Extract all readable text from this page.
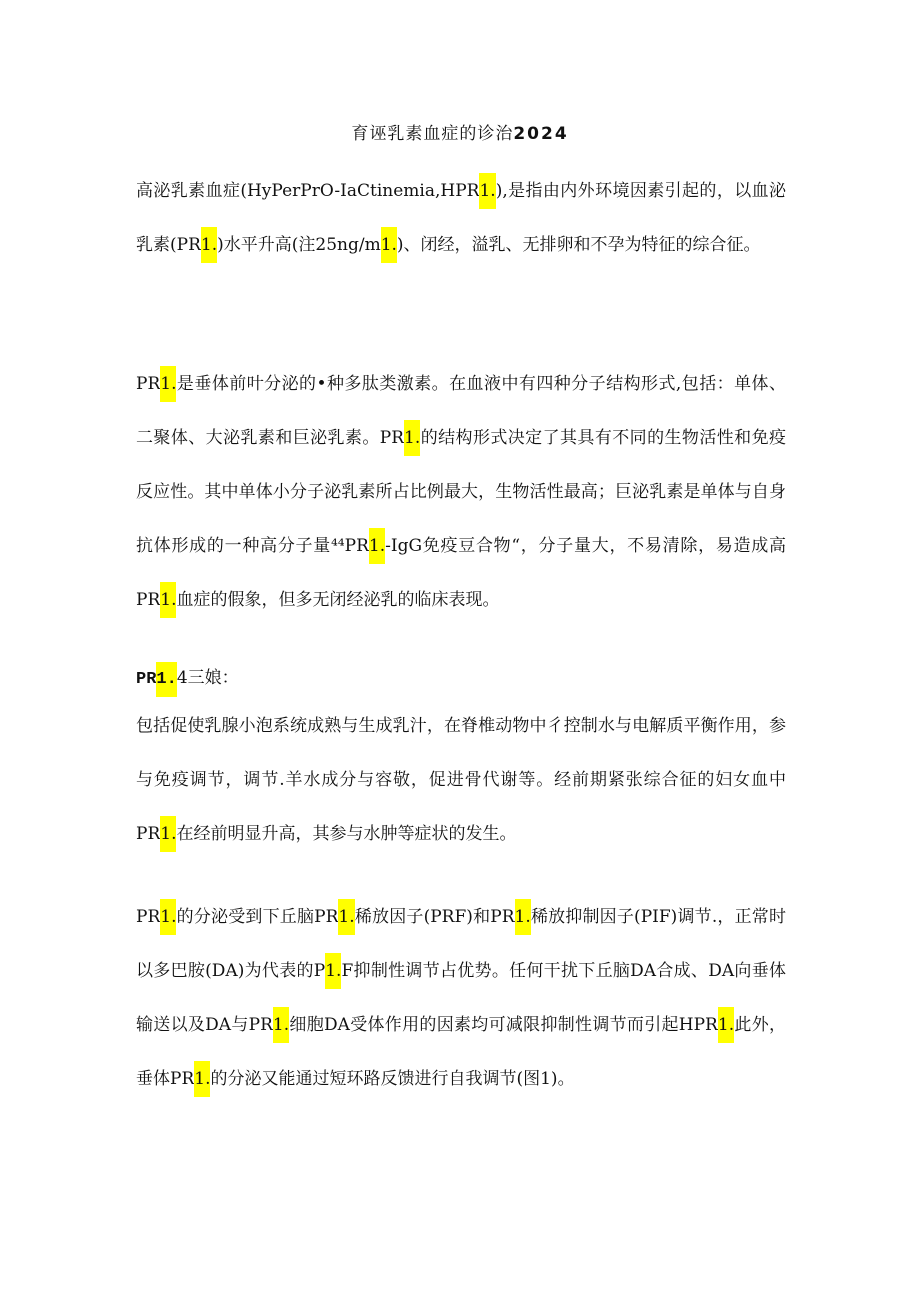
育诬乳素血症的诊治2024

高泌乳素血症(HyPerPrO-IaCtinemia,HPR1.),是指由内外环境因素引起的，以血泌乳素(PR1.)水平升高(注25ng∕m1.)、闭经，溢乳、无排卵和不孕为特征的综合征。

PR1.是垂体前叶分泌的•种多肽类激素。在血液中有四种分子结构形式,包括：单体、二聚体、大泌乳素和巨泌乳素。PR1.的结构形式决定了其具有不同的生物活性和免疫反应性。其中单体小分子泌乳素所占比例最大，生物活性最高；巨泌乳素是单体与自身抗体形成的一种高分子量⁴⁴PR1.-IgG免疫豆合物“，分子量大，不易清除，易造成高PR1.血症的假象，但多无闭经泌乳的临床表现。

PR1.4三娘：

包括促使乳腺小泡系统成熟与生成乳汁，在脊椎动物中彳控制水与电解质平衡作用，参与免疫调节，调节.羊水成分与容敬，促进骨代谢等。经前期紧张综合征的妇女血中PR1.在经前明显升高，其参与水肿等症状的发生。

PR1.的分泌受到下丘脑PR1.稀放因子(PRF)和PR1.稀放抑制因子(PIF)调节.，正常时以多巴胺(DA)为代表的P1.F抑制性调节占优势。任何干扰下丘脑DA合成、DA向垂体输送以及DA与PR1.细胞DA受体作用的因素均可减限抑制性调节而引起HPR1.此外，垂体PR1.的分泌又能通过短环路反馈进行自我调节(图1)。
